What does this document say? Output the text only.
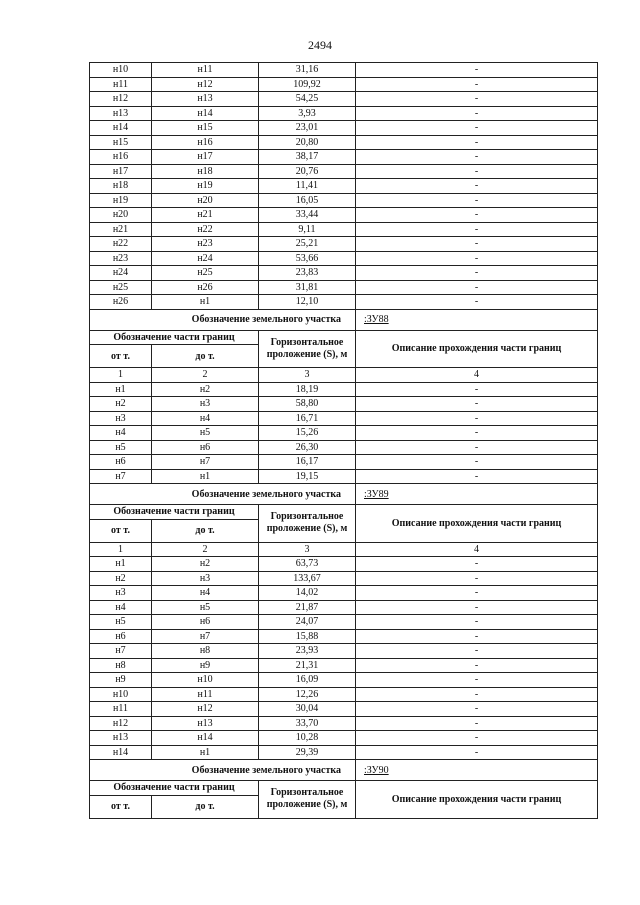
2494
н10	н11	31,16	-
н11	н12	109,92	-
н12	н13	54,25	-
н13	н14	3,93	-
н14	н15	23,01	-
н15	н16	20,80	-
н16	н17	38,17	-
н17	н18	20,76	-
н18	н19	11,41	-
н19	н20	16,05	-
н20	н21	33,44	-
н21	н22	9,11	-
н22	н23	25,21	-
н23	н24	53,66	-
н24	н25	23,83	-
н25	н26	31,81	-
н26	н1	12,10	-
Обозначение земельного участка			:ЗУ88
Обозначение части границ		Горизонтальное проложение (S), м	Описание прохождения части границ
от т.	до т.		
1	2	3	4
н1	н2	18,19	-
н2	н3	58,80	-
н3	н4	16,71	-
н4	н5	15,26	-
н5	н6	26,30	-
н6	н7	16,17	-
н7	н1	19,15	-
Обозначение земельного участка			:ЗУ89
Обозначение части границ		Горизонтальное проложение (S), м	Описание прохождения части границ
от т.	до т.		
1	2	3	4
н1	н2	63,73	-
н2	н3	133,67	-
н3	н4	14,02	-
н4	н5	21,87	-
н5	н6	24,07	-
н6	н7	15,88	-
н7	н8	23,93	-
н8	н9	21,31	-
н9	н10	16,09	-
н10	н11	12,26	-
н11	н12	30,04	-
н12	н13	33,70	-
н13	н14	10,28	-
н14	н1	29,39	-
Обозначение земельного участка			:ЗУ90
Обозначение части границ		Горизонтальное проложение (S), м	Описание прохождения части границ
от т.	до т.		
